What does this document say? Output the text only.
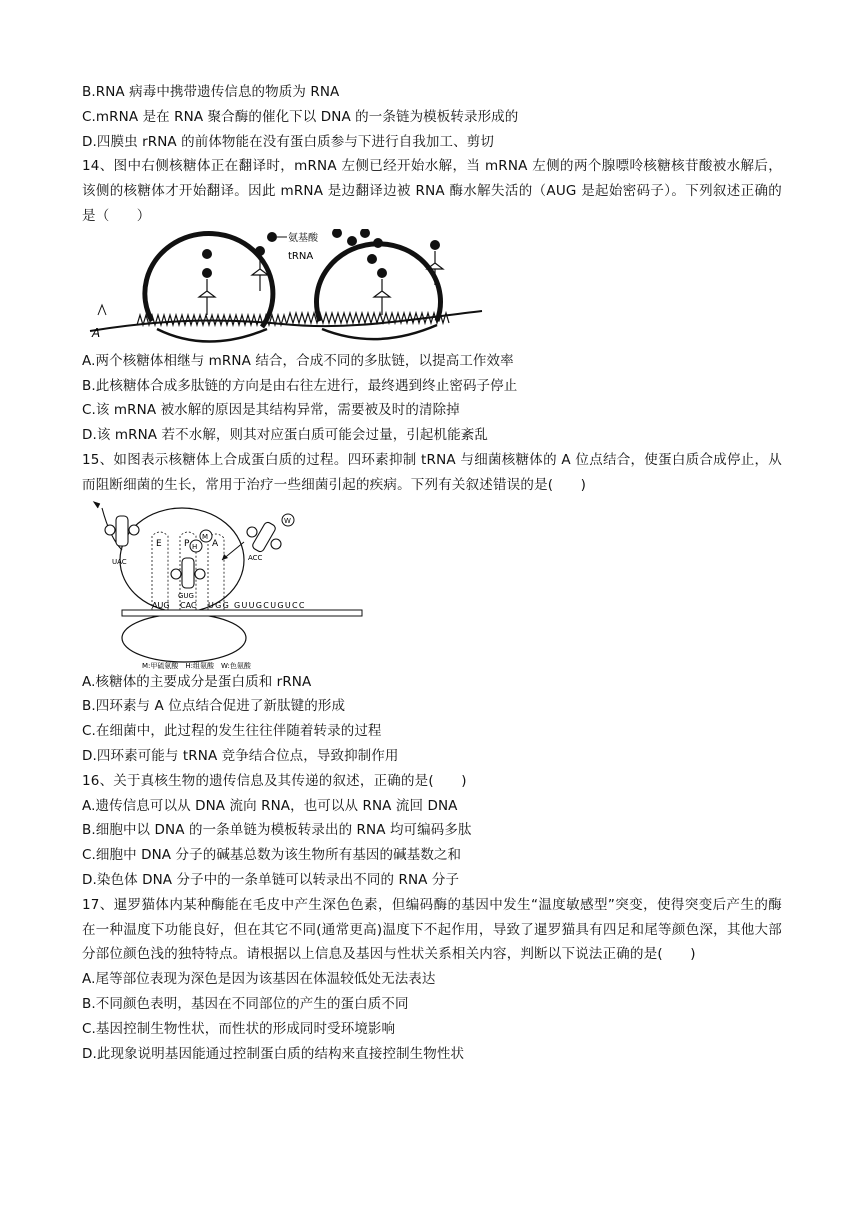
B.RNA 病毒中携带遗传信息的物质为 RNA
C.mRNA 是在 RNA 聚合酶的催化下以 DNA 的一条链为模板转录形成的
D.四膜虫 rRNA 的前体物能在没有蛋白质参与下进行自我加工、剪切
14、图中右侧核糖体正在翻译时，mRNA 左侧已经开始水解，当 mRNA 左侧的两个腺嘌呤核糖核苷酸被水解后，该侧的核糖体才开始翻译。因此 mRNA 是边翻译边被 RNA 酶水解失活的（AUG 是起始密码子）。下列叙述正确的是（　　）
氨基酸
tRNA
A
A.两个核糖体相继与 mRNA 结合，合成不同的多肽链，以提高工作效率
B.此核糖体合成多肽链的方向是由右往左进行，最终遇到终止密码子停止
C.该 mRNA 被水解的原因是其结构异常，需要被及时的清除掉
D.该 mRNA 若不水解，则其对应蛋白质可能会过量，引起机能紊乱
15、如图表示核糖体上合成蛋白质的过程。四环素抑制 tRNA 与细菌核糖体的 A 位点结合，使蛋白质合成停止，从而阻断细菌的生长，常用于治疗一些细菌引起的疾病。下列有关叙述错误的是(　　)
E P	A
H
M
GUG
UAC
W
ACC
AUG CAC UGG GUUGCUGUCC
M:甲硫氨酸　H:组氨酸　W:色氨酸
A.核糖体的主要成分是蛋白质和 rRNA
B.四环素与 A 位点结合促进了新肽键的形成
C.在细菌中，此过程的发生往往伴随着转录的过程
D.四环素可能与 tRNA 竞争结合位点，导致抑制作用
16、关于真核生物的遗传信息及其传递的叙述，正确的是(　　)
A.遗传信息可以从 DNA 流向 RNA，也可以从 RNA 流回 DNA
B.细胞中以 DNA 的一条单链为模板转录出的 RNA 均可编码多肽
C.细胞中 DNA 分子的碱基总数为该生物所有基因的碱基数之和
D.染色体 DNA 分子中的一条单链可以转录出不同的 RNA 分子
17、暹罗猫体内某种酶能在毛皮中产生深色色素，但编码酶的基因中发生“温度敏感型”突变，使得突变后产生的酶在一种温度下功能良好，但在其它不同(通常更高)温度下不起作用，导致了暹罗猫具有四足和尾等颜色深，其他大部分部位颜色浅的独特特点。请根据以上信息及基因与性状关系相关内容，判断以下说法正确的是(　　)
A.尾等部位表现为深色是因为该基因在体温较低处无法表达
B.不同颜色表明，基因在不同部位的产生的蛋白质不同
C.基因控制生物性状，而性状的形成同时受环境影响
D.此现象说明基因能通过控制蛋白质的结构来直接控制生物性状
